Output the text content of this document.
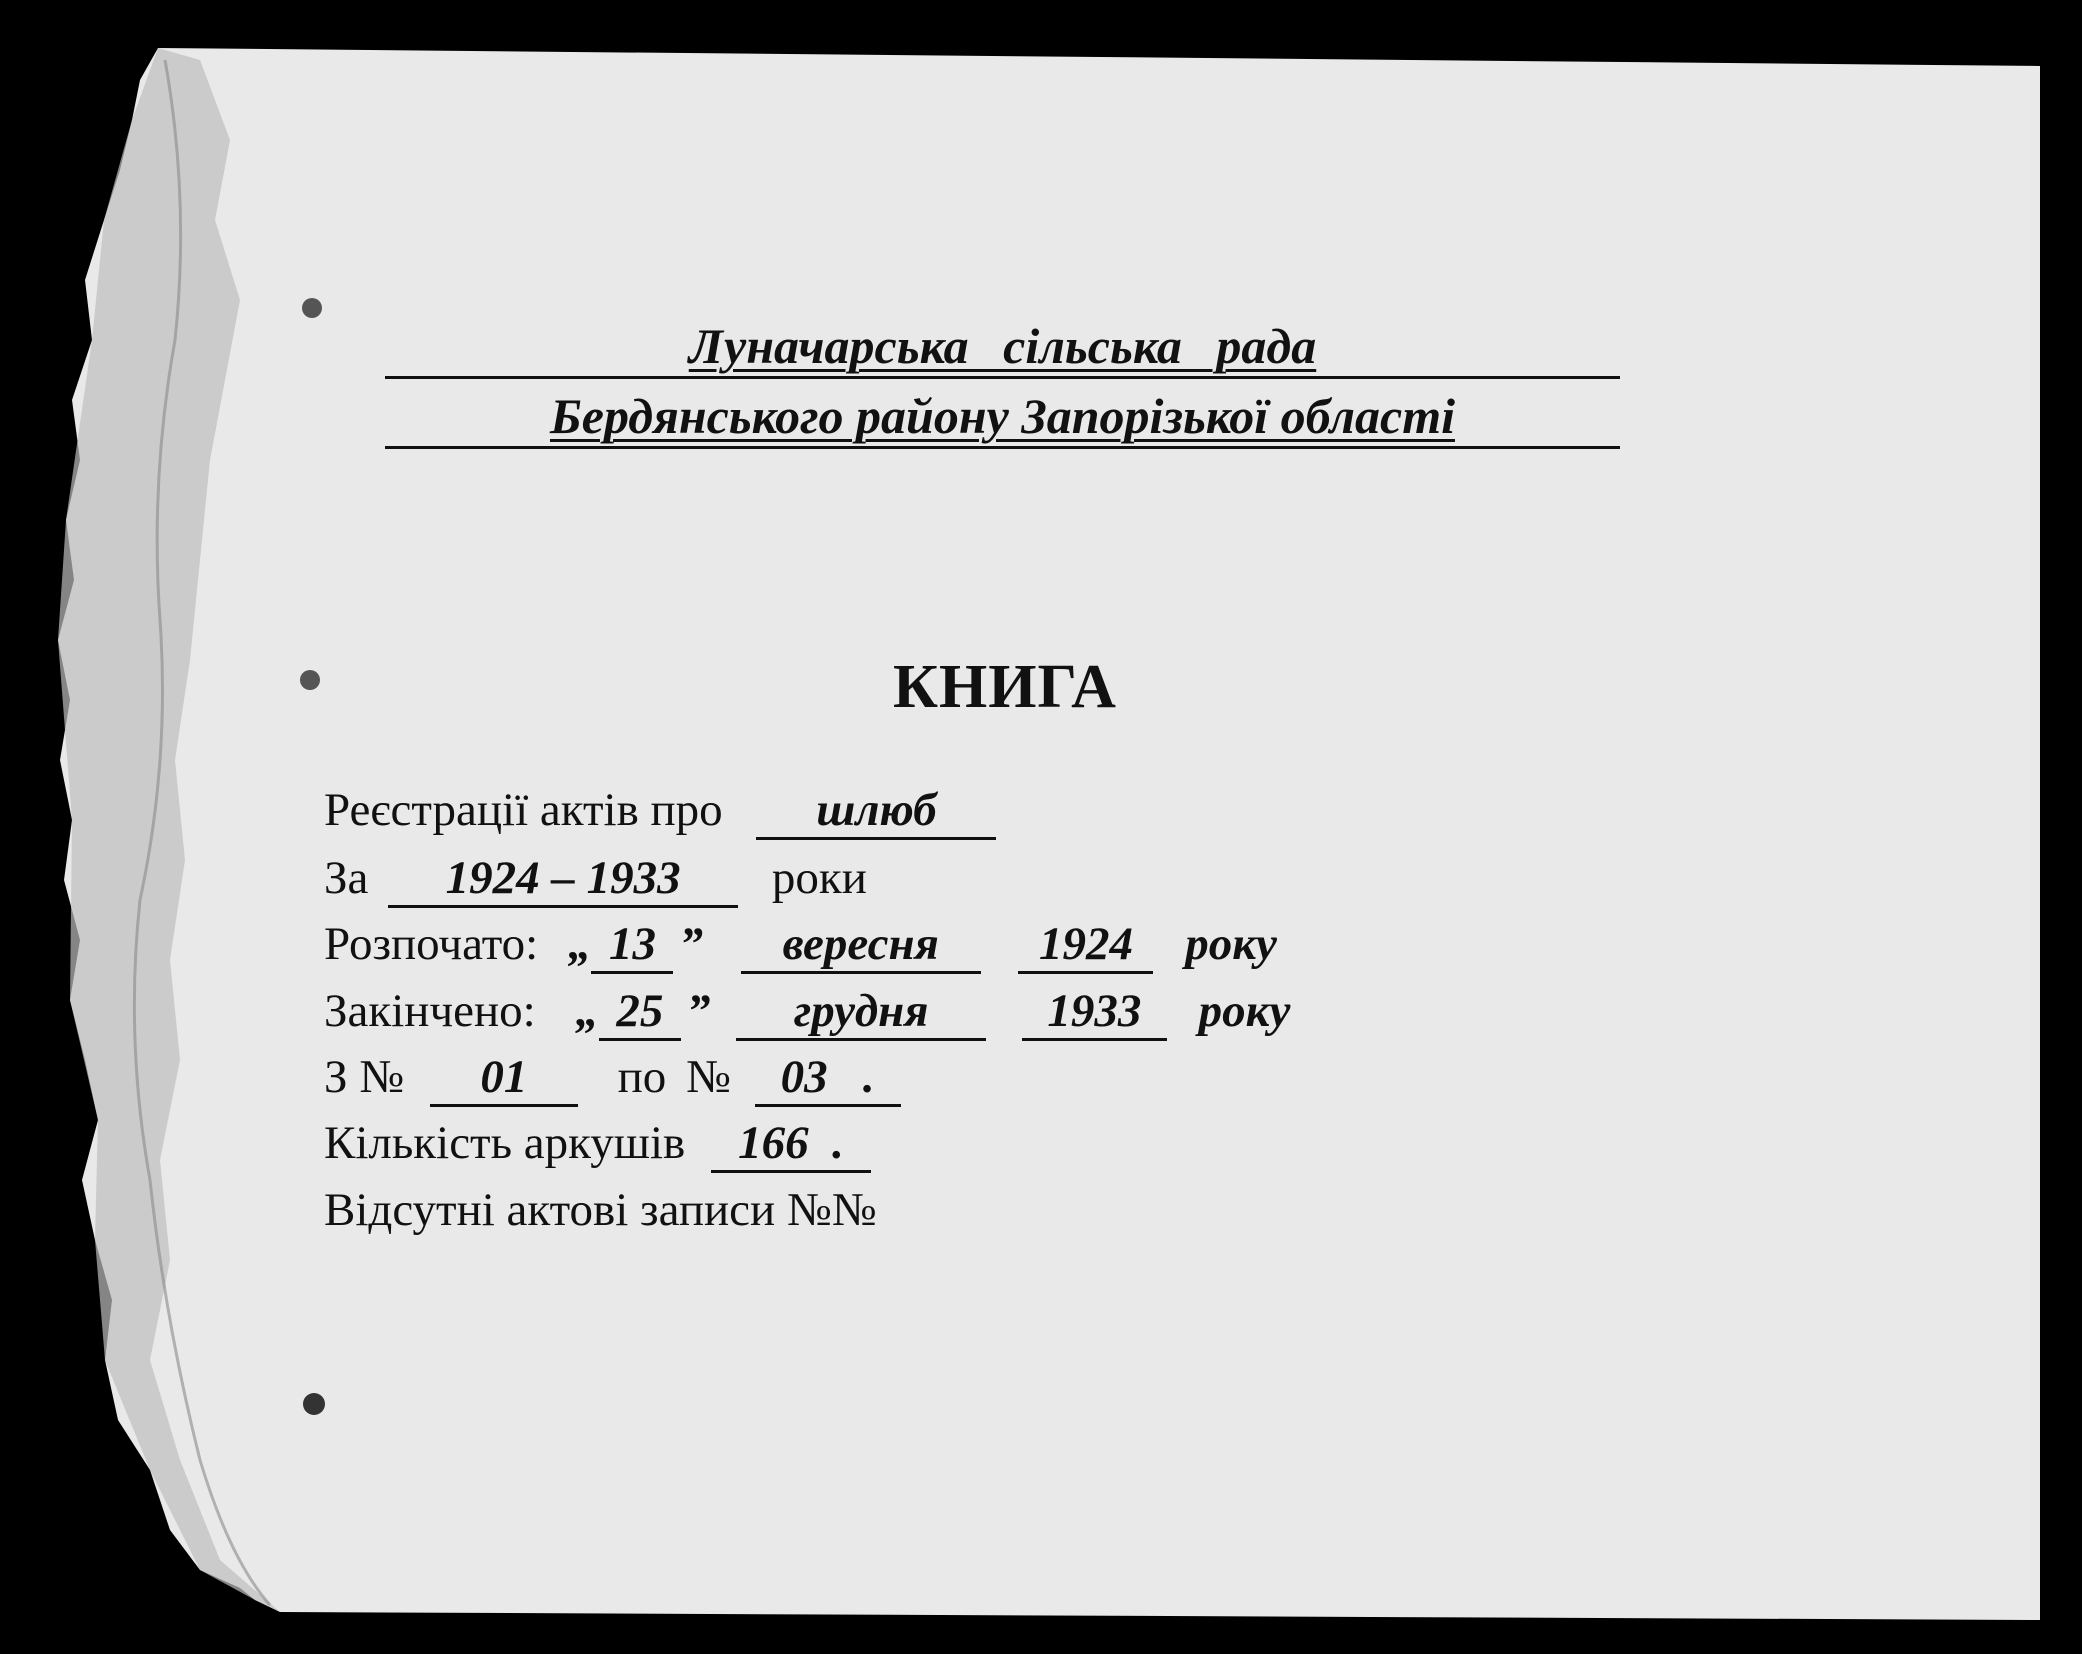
Луначарська сільська рада
Бердянського району Запорізької області
КНИГА
Реєстрації актів про шлюб
За 1924 – 1933 роки
Розпочато: „ 13 ” вересня 1924 року
Закінчено: „ 25 ” грудня	1933 року
З № 01 по № 03   .
Кількість аркушів 166  .
Відсутні актові записи №№
